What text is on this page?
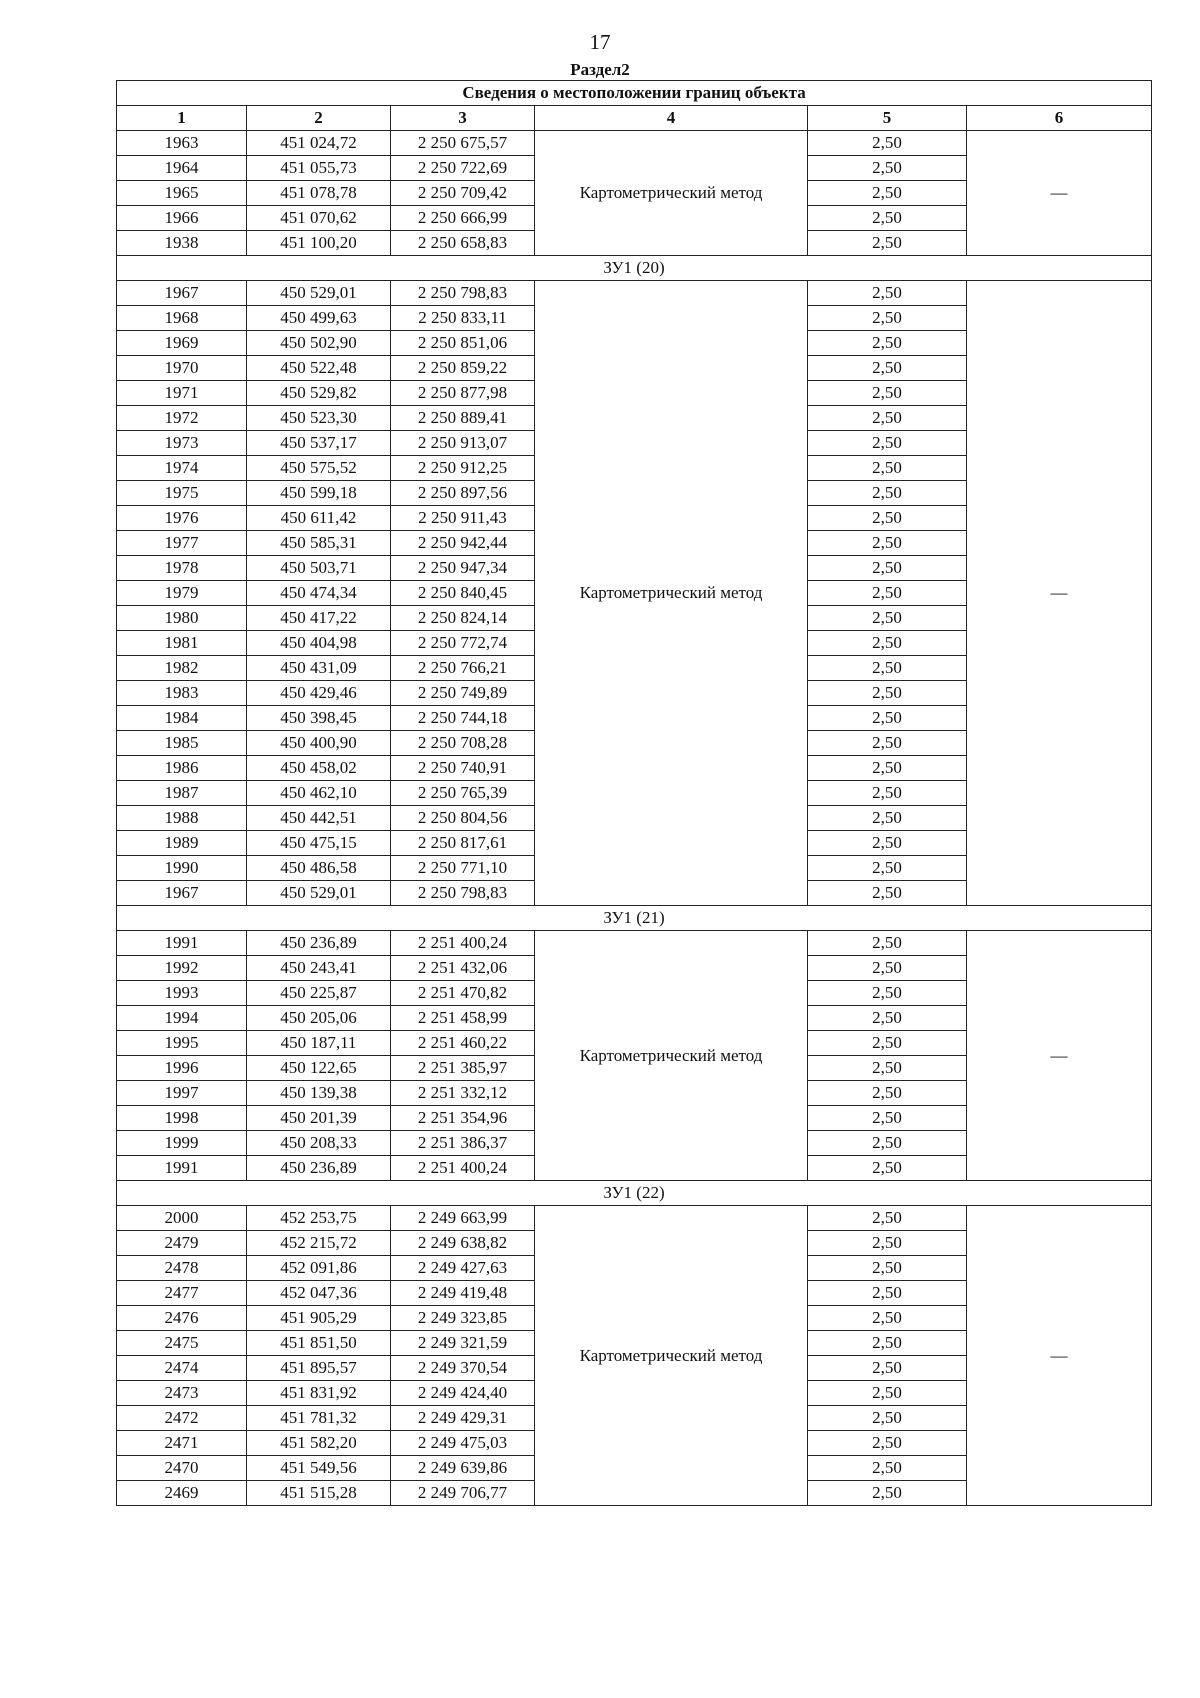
17
Раздел2
Сведения о местоположении границ объекта					
1	2	3	4	5	6
1963	451 024,72	2 250 675,57	Картометрический метод	2,50	—
1964	451 055,73	2 250 722,69		2,50	
1965	451 078,78	2 250 709,42		2,50	
1966	451 070,62	2 250 666,99		2,50	
1938	451 100,20	2 250 658,83		2,50	
ЗУ1 (20)					
1967	450 529,01	2 250 798,83	Картометрический метод	2,50	—
1968	450 499,63	2 250 833,11		2,50	
1969	450 502,90	2 250 851,06		2,50	
1970	450 522,48	2 250 859,22		2,50	
1971	450 529,82	2 250 877,98		2,50	
1972	450 523,30	2 250 889,41		2,50	
1973	450 537,17	2 250 913,07		2,50	
1974	450 575,52	2 250 912,25		2,50	
1975	450 599,18	2 250 897,56		2,50	
1976	450 611,42	2 250 911,43		2,50	
1977	450 585,31	2 250 942,44		2,50	
1978	450 503,71	2 250 947,34		2,50	
1979	450 474,34	2 250 840,45		2,50	
1980	450 417,22	2 250 824,14		2,50	
1981	450 404,98	2 250 772,74		2,50	
1982	450 431,09	2 250 766,21		2,50	
1983	450 429,46	2 250 749,89		2,50	
1984	450 398,45	2 250 744,18		2,50	
1985	450 400,90	2 250 708,28		2,50	
1986	450 458,02	2 250 740,91		2,50	
1987	450 462,10	2 250 765,39		2,50	
1988	450 442,51	2 250 804,56		2,50	
1989	450 475,15	2 250 817,61		2,50	
1990	450 486,58	2 250 771,10		2,50	
1967	450 529,01	2 250 798,83		2,50	
ЗУ1 (21)					
1991	450 236,89	2 251 400,24	Картометрический метод	2,50	—
1992	450 243,41	2 251 432,06		2,50	
1993	450 225,87	2 251 470,82		2,50	
1994	450 205,06	2 251 458,99		2,50	
1995	450 187,11	2 251 460,22		2,50	
1996	450 122,65	2 251 385,97		2,50	
1997	450 139,38	2 251 332,12		2,50	
1998	450 201,39	2 251 354,96		2,50	
1999	450 208,33	2 251 386,37		2,50	
1991	450 236,89	2 251 400,24		2,50	
ЗУ1 (22)					
2000	452 253,75	2 249 663,99	Картометрический метод	2,50	—
2479	452 215,72	2 249 638,82		2,50	
2478	452 091,86	2 249 427,63		2,50	
2477	452 047,36	2 249 419,48		2,50	
2476	451 905,29	2 249 323,85		2,50	
2475	451 851,50	2 249 321,59		2,50	
2474	451 895,57	2 249 370,54		2,50	
2473	451 831,92	2 249 424,40		2,50	
2472	451 781,32	2 249 429,31		2,50	
2471	451 582,20	2 249 475,03		2,50	
2470	451 549,56	2 249 639,86		2,50	
2469	451 515,28	2 249 706,77		2,50	
